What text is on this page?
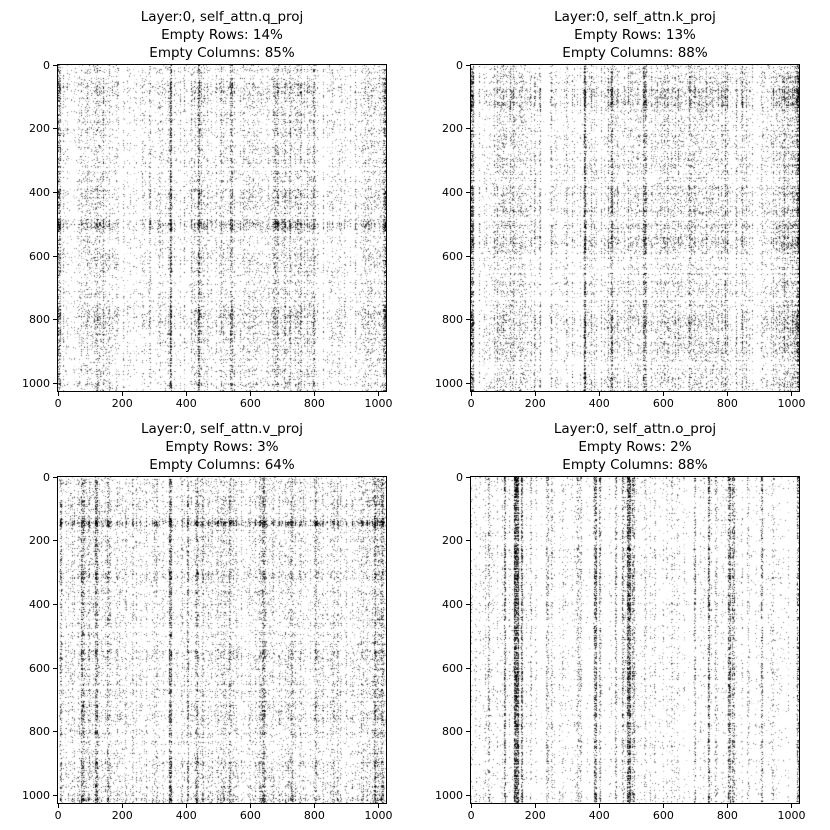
Layer:0, self_attn.q_proj
Empty Rows: 14%
Empty Columns: 85%
0	200	400	600	800	1000
0
200
400
600
800
1000
Layer:0, self_attn.k_proj
Empty Rows: 13%
Empty Columns: 88%
0	200	400	600	800	1000
0
200
400
600
800
1000
Layer:0, self_attn.v_proj
Empty Rows: 3%
Empty Columns: 64%
0	200	400	600	800	1000
0
200
400
600
800
1000
Layer:0, self_attn.o_proj
Empty Rows: 2%
Empty Columns: 88%
0	200	400	600	800	1000
0
200
400
600
800
1000
